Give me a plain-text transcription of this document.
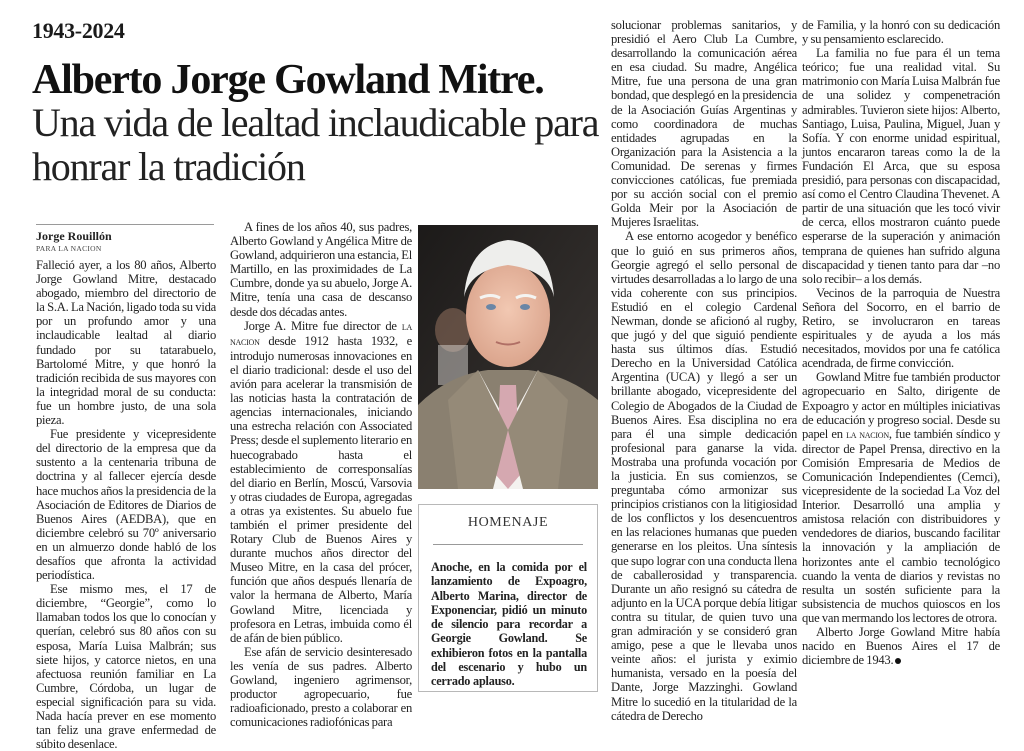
1943-2024
Alberto Jorge Gowland Mitre.
Una vida de lealtad inclaudicable para honrar la tradición
Jorge Rouillón
PARA LA NACION

Falleció ayer, a los 80 años, Alberto Jorge Gowland Mitre, destacado abogado, miembro del directorio de la S.A. La Nación, ligado toda su vida por un profundo amor y una inclaudicable lealtad al diario fundado por su tatarabuelo, Bartolomé Mitre, y que honró la tradición recibida de sus mayores con la integridad moral de su conducta: fue un hombre justo, de una sola pieza.

Fue presidente y vicepresidente del directorio de la empresa que da sustento a la centenaria tribuna de doctrina y al fallecer ejercía desde hace muchos años la presidencia de la Asociación de Editores de Diarios de Buenos Aires (AEDBA), que en diciembre celebró su 70º aniversario en un almuerzo donde habló de los desafíos que afronta la actividad periodística.

Ese mismo mes, el 17 de diciembre, “Georgie”, como lo llamaban todos los que lo conocían y querían, celebró sus 80 años con su esposa, María Luisa Malbrán; sus siete hijos, y catorce nietos, en una afectuosa reunión familiar en La Cumbre, Córdoba, un lugar de especial significación para su vida. Nada hacía prever en ese momento tan feliz una grave enfermedad de súbito desenlace.

A fines de los años 40, sus padres, Alberto Gowland y Angélica Mitre de Gowland, adquirieron una estancia, El Martillo, en las proximidades de La Cumbre, donde ya su abuelo, Jorge A. Mitre, tenía una casa de descanso desde dos décadas antes.

Jorge A. Mitre fue director de la nacion desde 1912 hasta 1932, e introdujo numerosas innovaciones en el diario tradicional: desde el uso del avión para acelerar la transmisión de las noticias hasta la contratación de agencias internacionales, iniciando una estrecha relación con Associated Press; desde el suplemento literario en huecograbado hasta el establecimiento de corresponsalías del diario en Berlín, Moscú, Varsovia y otras ciudades de Europa, agregadas a otras ya existentes. Su abuelo fue también el primer presidente del Rotary Club de Buenos Aires y durante muchos años director del Museo Mitre, en la casa del prócer, función que años después llenaría de valor la hermana de Alberto, María Gowland Mitre, licenciada y profesora en Letras, imbuida como él de afán de bien público.

Ese afán de servicio desinteresado les venía de sus padres. Alberto Gowland, ingeniero agrimensor, productor agropecuario, fue radioaficionado, presto a colaborar en comunicaciones radiofónicas para

HOMENAJE
Anoche, en la comida por el lanzamiento de Expoagro, Alberto Marina, director de Exponenciar, pidió un minuto de silencio para recordar a Georgie Gowland. Se exhibieron fotos en la pantalla del escenario y hubo un cerrado aplauso.

solucionar problemas sanitarios, y presidió el Aero Club La Cumbre, desarrollando la comunicación aérea en esa ciudad. Su madre, Angélica Mitre, fue una persona de una gran bondad, que desplegó en la presidencia de la Asociación Guías Argentinas y como coordinadora de muchas entidades agrupadas en la Organización para la Asistencia a la Comunidad. De serenas y firmes convicciones católicas, fue premiada por su acción social con el premio Golda Meir por la Asociación de Mujeres Israelitas.

A ese entorno acogedor y benéfico que lo guió en sus primeros años, Georgie agregó el sello personal de virtudes desarrolladas a lo largo de una vida coherente con sus principios. Estudió en el colegio Cardenal Newman, donde se aficionó al rugby, que jugó y del que siguió pendiente hasta sus últimos días. Estudió Derecho en la Universidad Católica Argentina (UCA) y llegó a ser un brillante abogado, vicepresidente del Colegio de Abogados de la Ciudad de Buenos Aires. Esa disciplina no era para él una simple dedicación profesional para ganarse la vida. Mostraba una profunda vocación por la justicia. En sus comienzos, se preguntaba cómo armonizar sus principios cristianos con la litigiosidad de los conflictos y los desencuentros en las relaciones humanas que pueden generarse en los pleitos. Una síntesis que supo lograr con una conducta llena de caballerosidad y transparencia. Durante un año resignó su cátedra de adjunto en la UCA porque debía litigar contra su titular, de quien tuvo una gran admiración y se consideró gran amigo, pese a que le llevaba unos veinte años: el jurista y eximio humanista, versado en la poesía del Dante, Jorge Mazzinghi. Gowland Mitre lo sucedió en la titularidad de la cátedra de Derecho

de Familia, y la honró con su dedicación y su pensamiento esclarecido.

La familia no fue para él un tema teórico; fue una realidad vital. Su matrimonio con María Luisa Malbrán fue de una solidez y compenetración admirables. Tuvieron siete hijos: Alberto, Santiago, Luisa, Paulina, Miguel, Juan y Sofía. Y con enorme unidad espiritual, juntos encararon tareas como la de la Fundación El Arca, que su esposa presidió, para personas con discapacidad, así como el Centro Claudina Thevenet. A partir de una situación que les tocó vivir de cerca, ellos mostraron cuánto puede esperarse de la superación y animación temprana de quienes han sufrido alguna discapacidad y tienen tanto para dar –no solo recibir– a los demás.

Vecinos de la parroquia de Nuestra Señora del Socorro, en el barrio de Retiro, se involucraron en tareas espirituales y de ayuda a los más necesitados, movidos por una fe católica acendrada, de firme convicción.

Gowland Mitre fue también productor agropecuario en Salto, dirigente de Expoagro y actor en múltiples iniciativas de educación y progreso social. Desde su papel en la nacion, fue también síndico y director de Papel Prensa, directivo en la Comisión Empresaria de Medios de Comunicación Independientes (Cemci), vicepresidente de la sociedad La Voz del Interior. Desarrolló una amplia y amistosa relación con distribuidores y vendedores de diarios, buscando facilitar la innovación y la ampliación de horizontes ante el cambio tecnológico cuando la venta de diarios y revistas no resulta un sostén suficiente para la subsistencia de muchos quioscos en los que van mermando los lectores de otrora.

Alberto Jorge Gowland Mitre había nacido en Buenos Aires el 17 de diciembre de 1943.
